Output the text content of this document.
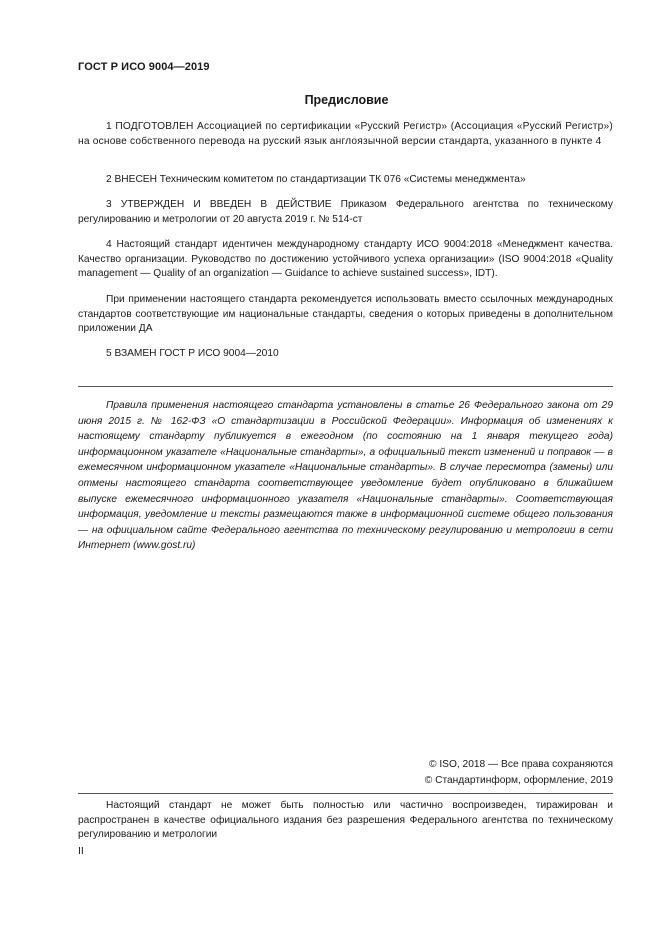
ГОСТ Р ИСО 9004—2019
Предисловие

1 ПОДГОТОВЛЕН Ассоциацией по сертификации «Русский Регистр» (Ассоциация «Русский Регистр») на основе собственного перевода на русский язык англоязычной версии стандарта, указанного в пункте 4

2 ВНЕСЕН Техническим комитетом по стандартизации ТК 076 «Системы менеджмента»

3 УТВЕРЖДЕН И ВВЕДЕН В ДЕЙСТВИЕ Приказом Федерального агентства по техническому регулированию и метрологии от 20 августа 2019 г. № 514-ст

4 Настоящий стандарт идентичен международному стандарту ИСО 9004:2018 «Менеджмент качества. Качество организации. Руководство по достижению устойчивого успеха организации» (ISO 9004:2018 «Quality management — Quality of an organization — Guidance to achieve sustained success», IDT).

При применении настоящего стандарта рекомендуется использовать вместо ссылочных международных стандартов соответствующие им национальные стандарты, сведения о которых приведены в дополнительном приложении ДА

5 ВЗАМЕН ГОСТ Р ИСО 9004—2010

Правила применения настоящего стандарта установлены в статье 26 Федерального закона от 29 июня 2015 г. № 162-ФЗ «О стандартизации в Российской Федерации». Информация об изменениях к настоящему стандарту публикуется в ежегодном (по состоянию на 1 января текущего года) информационном указателе «Национальные стандарты», а официальный текст изменений и поправок — в ежемесячном информационном указателе «Национальные стандарты». В случае пересмотра (замены) или отмены настоящего стандарта соответствующее уведомление будет опубликовано в ближайшем выпуске ежемесячного информационного указателя «Национальные стандарты». Соответствующая информация, уведомление и тексты размещаются также в информационной системе общего пользования — на официальном сайте Федерального агентства по техническому регулированию и метрологии в сети Интернет (www.gost.ru)

© ISO, 2018 — Все права сохраняются
© Стандартинформ, оформление, 2019

Настоящий стандарт не может быть полностью или частично воспроизведен, тиражирован и распространен в качестве официального издания без разрешения Федерального агентства по техническому регулированию и метрологии

II
